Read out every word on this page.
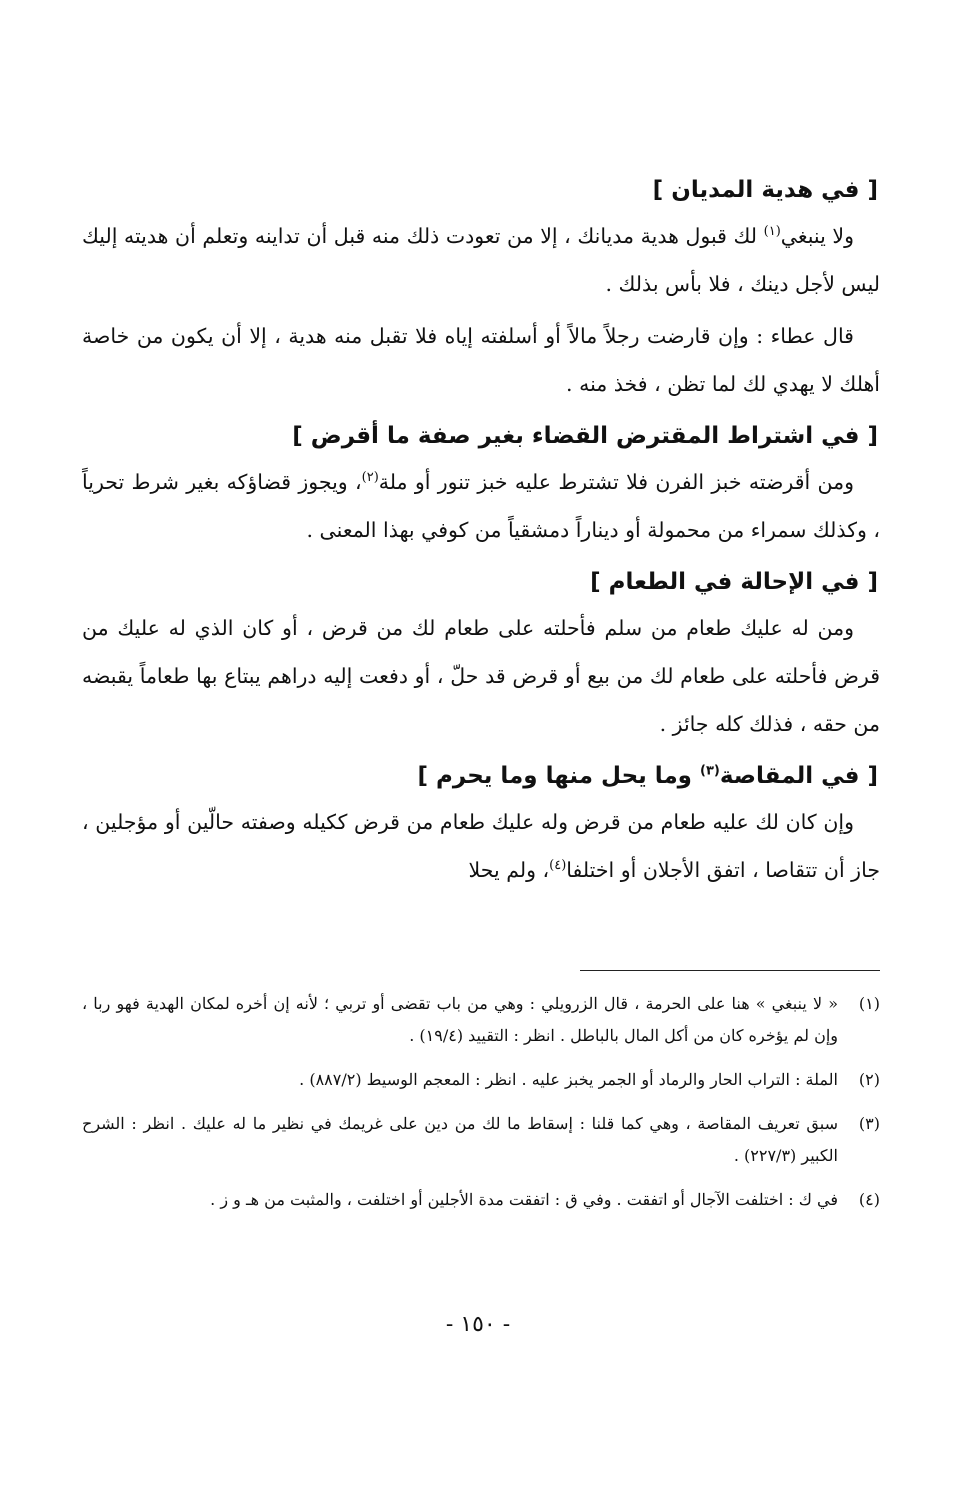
[ في هدية المديان ]

ولا ينبغي$^{(١)}$ لك قبول هدية مديانك ، إلا من تعودت ذلك منه قبل أن تداينه وتعلم أن هديته إليك ليس لأجل دينك ، فلا بأس بذلك .

قال عطاء : وإن قارضت رجلاً مالاً أو أسلفته إياه فلا تقبل منه هدية ، إلا أن يكون من خاصة أهلك لا يهدي لك لما تظن ، فخذ منه .

[ في اشتراط المقترض القضاء بغير صفة ما أقرض ]

ومن أقرضته خبز الفرن فلا تشترط عليه خبز تنور أو ملة$^{(٢)}$، ويجوز قضاؤكه بغير شرط تحرياً ، وكذلك سمراء من محمولة أو ديناراً دمشقياً من كوفي بهذا المعنى .

[ في الإحالة في الطعام ]

ومن له عليك طعام من سلم فأحلته على طعام لك من قرض ، أو كان الذي له عليك من قرض فأحلته على طعام لك من بيع أو قرض قد حلّ ، أو دفعت إليه دراهم يبتاع بها طعاماً يقبضه من حقه ، فذلك كله جائز .

[ في المقاصة$^{(٣)}$ وما يحل منها وما يحرم ]

وإن كان لك عليه طعام من قرض وله عليك طعام من قرض ككيله وصفته حالّين أو مؤجلين ، جاز أن تتقاصا ، اتفق الأجلان أو اختلفا$^{(٤)}$، ولم يحلا

(١)
« لا ينبغي » هنا على الحرمة ، قال الزرويلي : وهي من باب تقضى أو تربي ؛ لأنه إن أخره لمكان الهدية فهو ربا ، وإن لم يؤخره كان من أكل المال بالباطل . انظر : التقييد (١٩/٤) .
(٢)
الملة : التراب الحار والرماد أو الجمر يخبز عليه . انظر : المعجم الوسيط (٨٨٧/٢) .
(٣)
سبق تعريف المقاصة ، وهي كما قلنا : إسقاط ما لك من دين على غريمك في نظير ما له عليك . انظر : الشرح الكبير (٢٢٧/٣) .
(٤)
في ك : اختلفت الآجال أو اتفقت . وفي ق : اتفقت مدة الأجلين أو اختلفت ، والمثبت من هـ و ز .
- ١٥٠ -
